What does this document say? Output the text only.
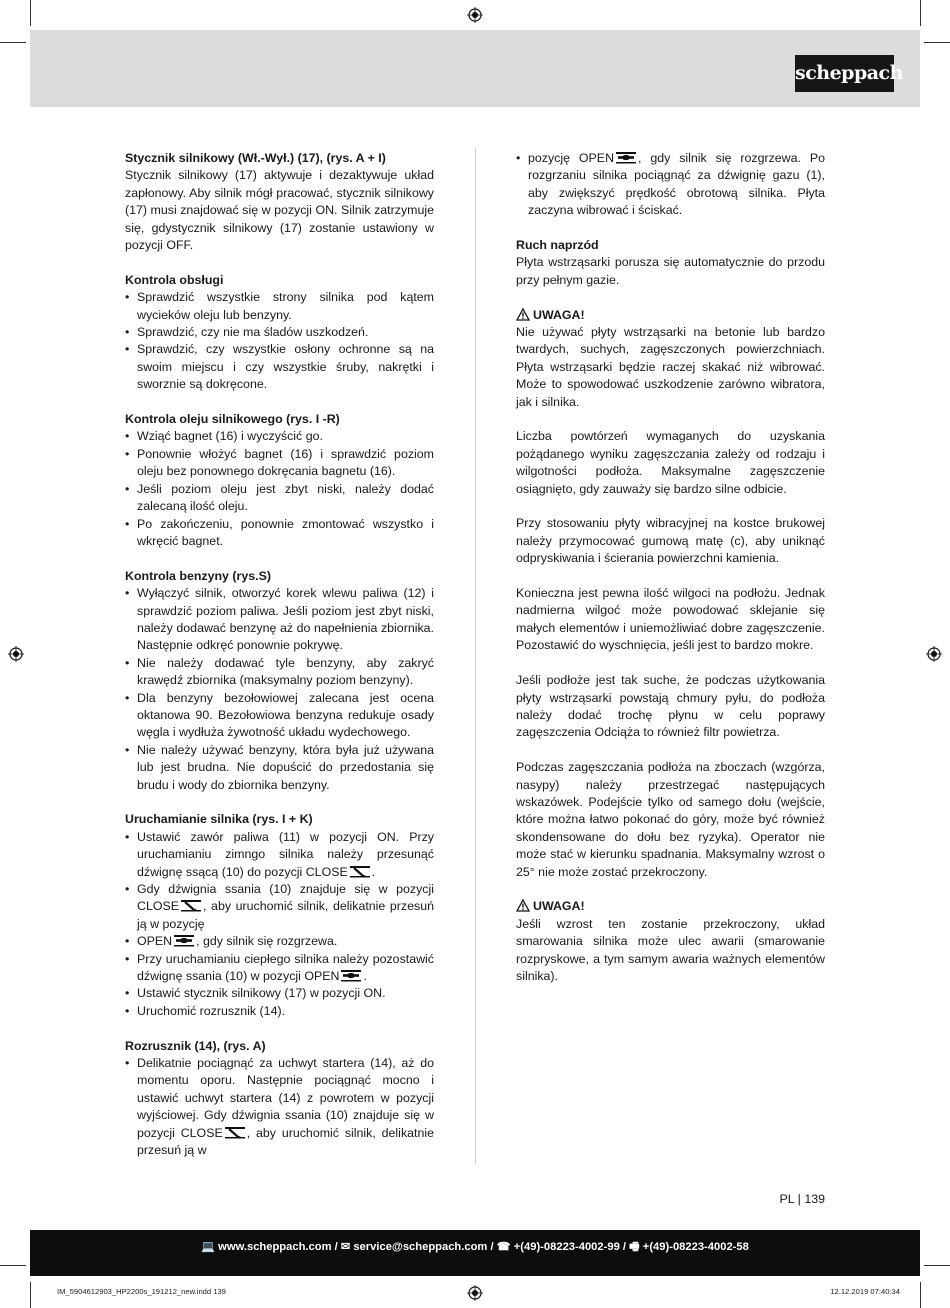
scheppach
Stycznik silnikowy (Wł.-Wył.) (17), (rys. A + I)
Stycznik silnikowy (17) aktywuje i dezaktywuje układ zapłonowy. Aby silnik mógł pracować, stycznik silnikowy (17) musi znajdować się w pozycji ON. Silnik zatrzymuje się, gdystycznik silnikowy (17) zostanie ustawiony w pozycji OFF.
Kontrola obsługi
• Sprawdzić wszystkie strony silnika pod kątem wycieków oleju lub benzyny.
• Sprawdzić, czy nie ma śladów uszkodzeń.
• Sprawdzić, czy wszystkie osłony ochronne są na swoim miejscu i czy wszystkie śruby, nakrętki i sworznie są dokręcone.
Kontrola oleju silnikowego (rys. I -R)
• Wziąć bagnet (16) i wyczyścić go.
• Ponownie włożyć bagnet (16) i sprawdzić poziom oleju bez ponownego dokręcania bagnetu (16).
• Jeśli poziom oleju jest zbyt niski, należy dodać zalecaną ilość oleju.
• Po zakończeniu, ponownie zmontować wszystko i wkręcić bagnet.
Kontrola benzyny (rys.S)
• Wyłączyć silnik, otworzyć korek wlewu paliwa (12) i sprawdzić poziom paliwa. Jeśli poziom jest zbyt niski, należy dodawać benzynę aż do napełnienia zbiornika. Następnie odkręć ponownie pokrywę.
• Nie należy dodawać tyle benzyny, aby zakryć krawędź zbiornika (maksymalny poziom benzyny).
• Dla benzyny bezołowiowej zalecana jest ocena oktanowa 90. Bezołowiowa benzyna redukuje osady węgla i wydłuża żywotność układu wydechowego.
• Nie należy używać benzyny, która była już używana lub jest brudna. Nie dopuścić do przedostania się brudu i wody do zbiornika benzyny.
Uruchamianie silnika (rys. I + K)
• Ustawić zawór paliwa (11) w pozycji ON. Przy uruchamianiu zimngo silnika należy przesunąć dźwignę ssącą (10) do pozycji CLOSE .
• Gdy dźwignia ssania (10) znajduje się w pozycji CLOSE , aby uruchomić silnik, delikatnie przesuń ją w pozycję
• OPEN , gdy silnik się rozgrzewa.
• Przy uruchamianiu ciepłego silnika należy pozostawić dźwignę ssania (10) w pozycji OPEN .
• Ustawić stycznik silnikowy (17) w pozycji ON.
• Uruchomić rozrusznik (14).
Rozrusznik (14), (rys. A)
• Delikatnie pociągnąć za uchwyt startera (14), aż do momentu oporu. Następnie pociągnąć mocno i ustawić uchwyt startera (14) z powrotem w pozycji wyjściowej. Gdy dźwignia ssania (10) znajduje się w pozycji CLOSE , aby uruchomić silnik, delikatnie przesuń ją w
• pozycję OPEN , gdy silnik się rozgrzewa. Po rozgrzaniu silnika pociągnąć za dźwignię gazu (1), aby zwiększyć prędkość obrotową silnika. Płyta zaczyna wibrować i ściskać.
Ruch naprzód
Płyta wstrząsarki porusza się automatycznie do przodu przy pełnym gazie.
UWAGA!
Nie używać płyty wstrząsarki na betonie lub bardzo twardych, suchych, zagęszczonych powierzchniach. Płyta wstrząsarki będzie raczej skakać niż wibrować. Może to spowodować uszkodzenie zarówno wibratora, jak i silnika.
Liczba powtórzeń wymaganych do uzyskania pożądanego wyniku zagęszczania zależy od rodzaju i wilgotności podłoża. Maksymalne zagęszczenie osiągnięto, gdy zauważy się bardzo silne odbicie.
Przy stosowaniu płyty wibracyjnej na kostce brukowej należy przymocować gumową matę (c), aby uniknąć odpryskiwania i ścierania powierzchni kamienia.
Konieczna jest pewna ilość wilgoci na podłożu. Jednak nadmierna wilgoć może powodować sklejanie się małych elementów i uniemożliwiać dobre zagęszczenie. Pozostawić do wyschnięcia, jeśli jest to bardzo mokre.
Jeśli podłoże jest tak suche, że podczas użytkowania płyty wstrząsarki powstają chmury pyłu, do podłoża należy dodać trochę płynu w celu poprawy zagęszczenia Odciąża to również filtr powietrza.
Podczas zagęszczania podłoża na zboczach (wzgórza, nasypy) należy przestrzegać następujących wskazówek. Podejście tylko od samego dołu (wejście, które można łatwo pokonać do góry, może być również skondensowane do dołu bez ryzyka). Operator nie może stać w kierunku spadnania. Maksymalny wzrost o 25° nie może zostać przekroczony.
UWAGA!
Jeśli wzrost ten zostanie przekroczony, układ smarowania silnika może ulec awarii (smarowanie rozpryskowe, a tym samym awaria ważnych elementów silnika).
PL | 139
💻 www.scheppach.com / ✉ service@scheppach.com / ☎ +(49)-08223-4002-99 / 🖷 +(49)-08223-4002-58
IM_5904612903_HP2200s_191212_new.indd 139	12.12.2019 07:40:34
